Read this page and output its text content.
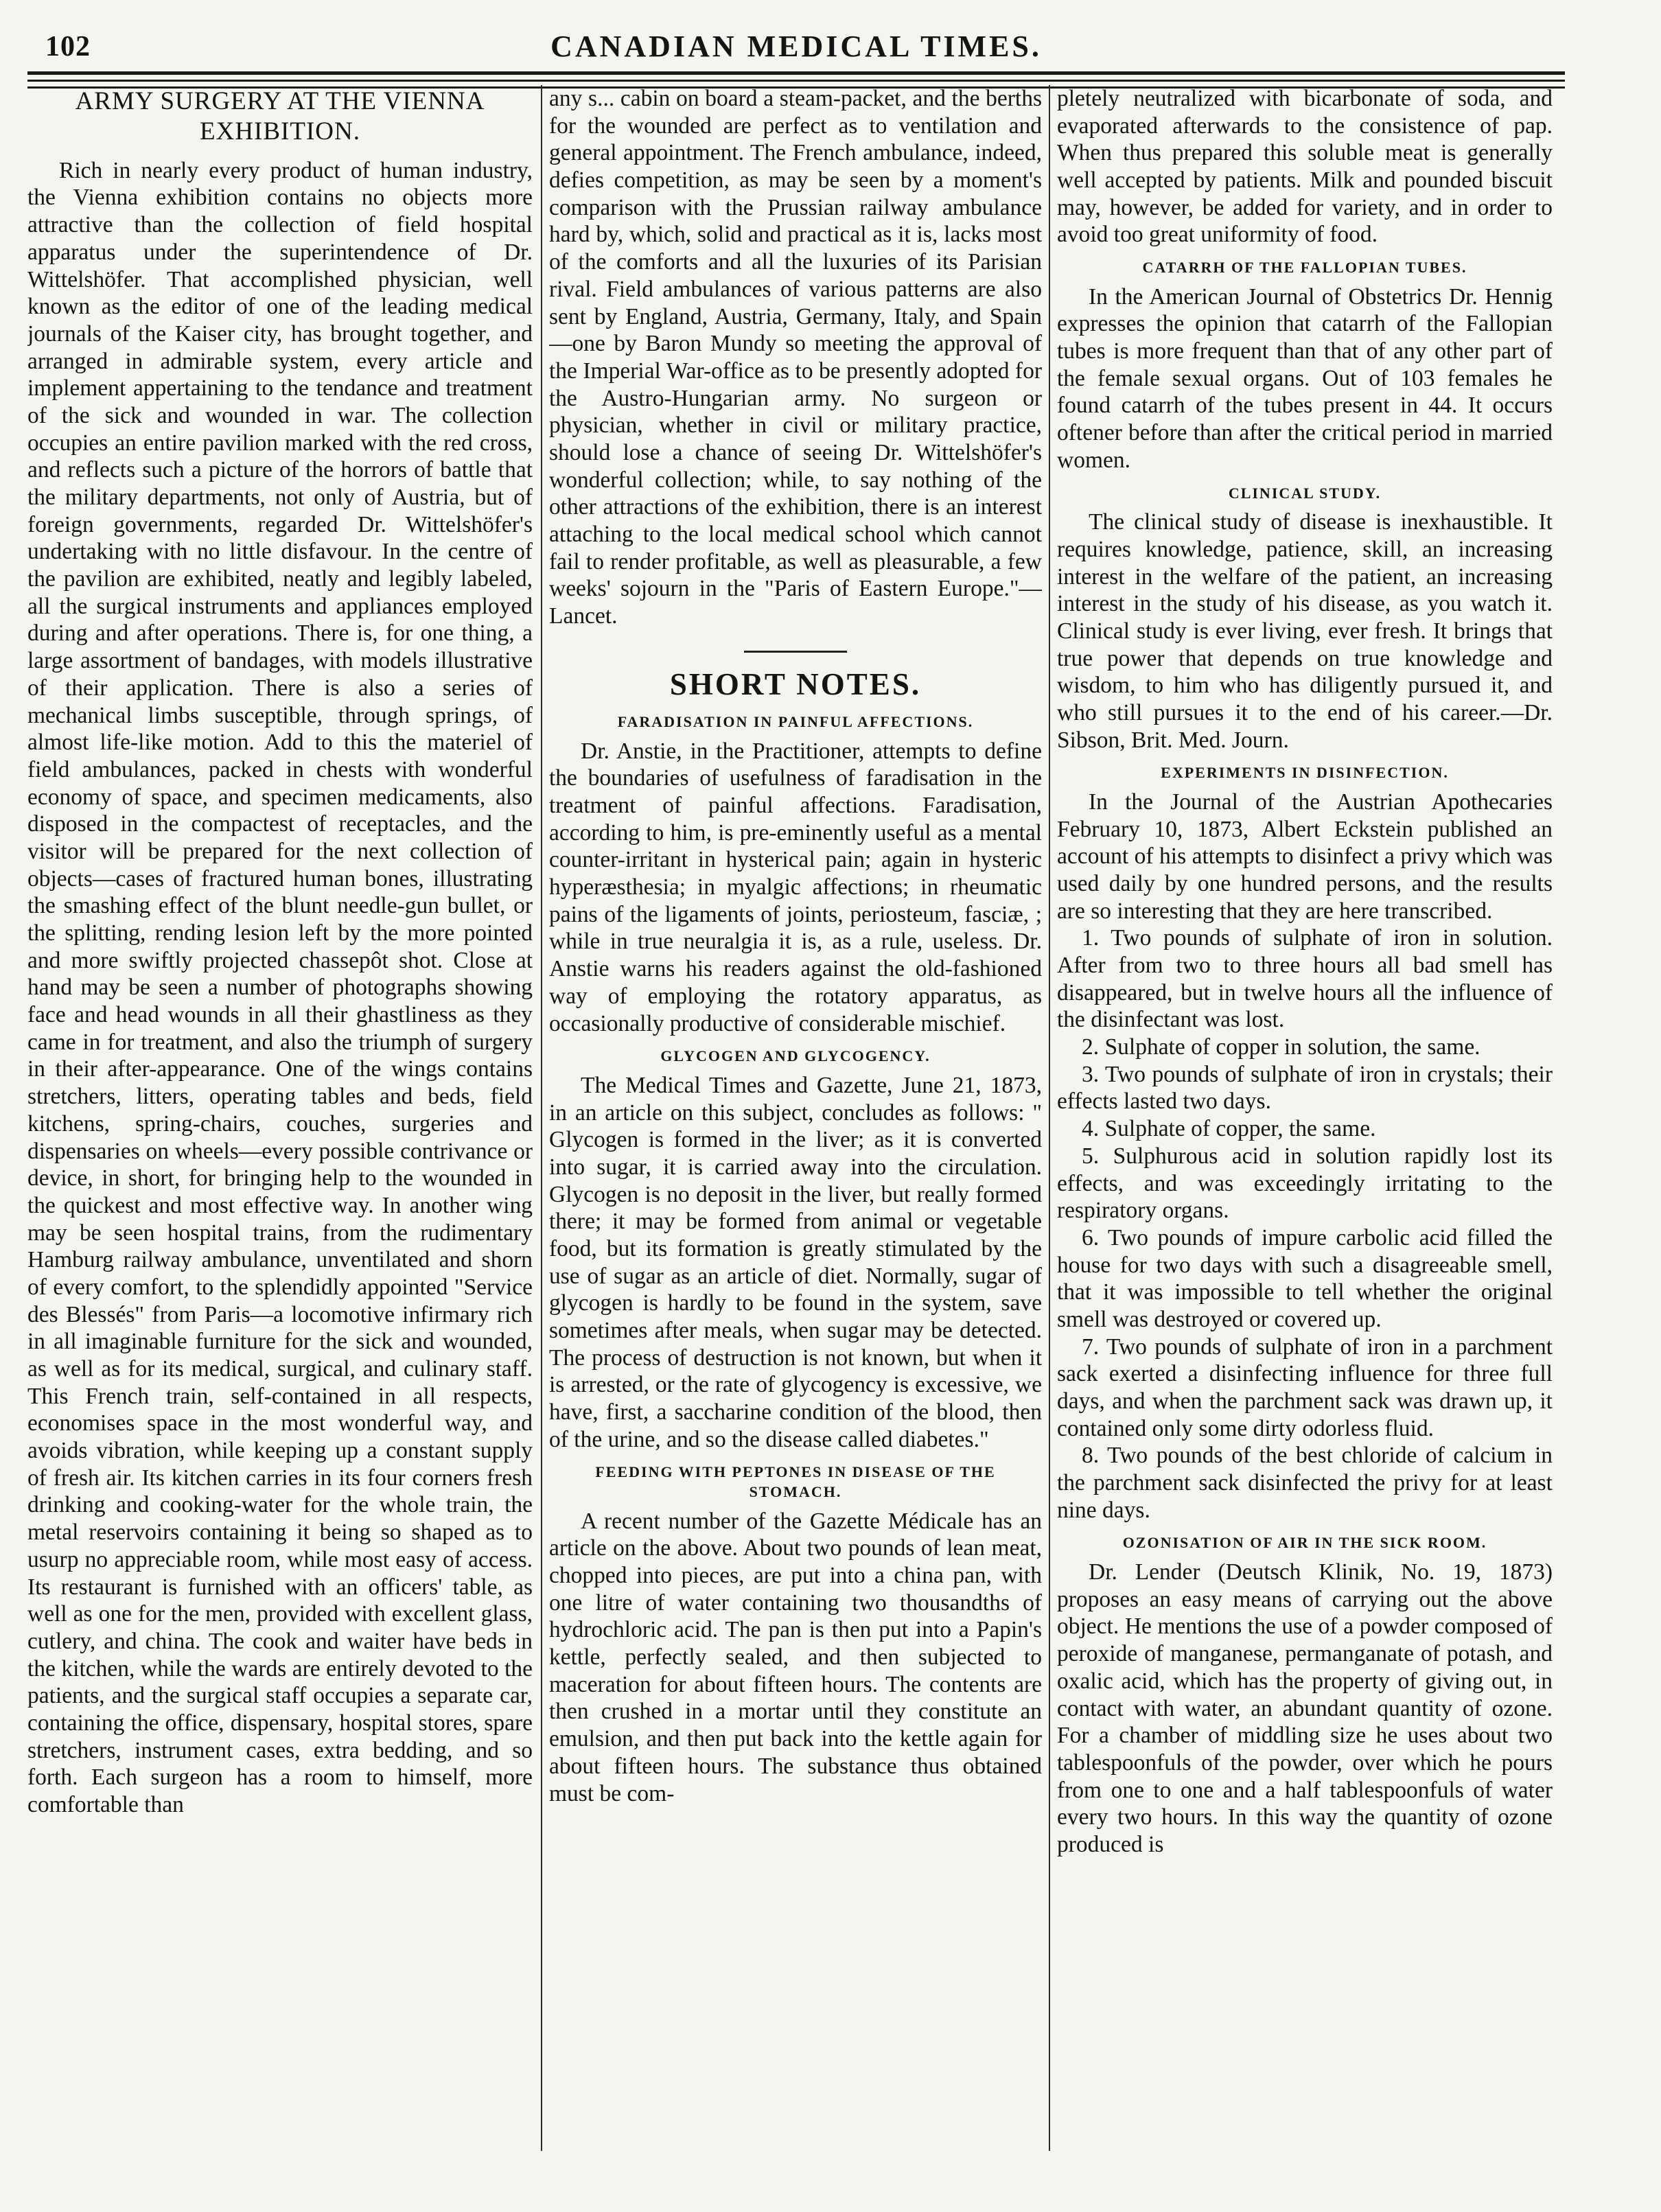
102	CANADIAN MEDICAL TIMES.
ARMY SURGERY AT THE VIENNA EXHIBITION.

Rich in nearly every product of human industry, the Vienna exhibition contains no objects more attractive than the collection of field hospital apparatus under the superintendence of Dr. Wittelshöfer. That accomplished physician, well known as the editor of one of the leading medical journals of the Kaiser city, has brought together, and arranged in admirable system, every article and implement appertaining to the tendance and treatment of the sick and wounded in war. The collection occupies an entire pavilion marked with the red cross, and reflects such a picture of the horrors of battle that the military departments, not only of Austria, but of foreign governments, regarded Dr. Wittelshöfer's undertaking with no little disfavour. In the centre of the pavilion are exhibited, neatly and legibly labeled, all the surgical instruments and appliances employed during and after operations. There is, for one thing, a large assortment of bandages, with models illustrative of their application. There is also a series of mechanical limbs susceptible, through springs, of almost life-like motion. Add to this the materiel of field ambulances, packed in chests with wonderful economy of space, and specimen medicaments, also disposed in the compactest of receptacles, and the visitor will be prepared for the next collection of objects—cases of fractured human bones, illustrating the smashing effect of the blunt needle-gun bullet, or the splitting, rending lesion left by the more pointed and more swiftly projected chassepôt shot. Close at hand may be seen a number of photographs showing face and head wounds in all their ghastliness as they came in for treatment, and also the triumph of surgery in their after-appearance. One of the wings contains stretchers, litters, operating tables and beds, field kitchens, spring-chairs, couches, surgeries and dispensaries on wheels—every possible contrivance or device, in short, for bringing help to the wounded in the quickest and most effective way. In another wing may be seen hospital trains, from the rudimentary Hamburg railway ambulance, unventilated and shorn of every comfort, to the splendidly appointed "Service des Blessés" from Paris—a locomotive infirmary rich in all imaginable furniture for the sick and wounded, as well as for its medical, surgical, and culinary staff. This French train, self-contained in all respects, economises space in the most wonderful way, and avoids vibration, while keeping up a constant supply of fresh air. Its kitchen carries in its four corners fresh drinking and cooking-water for the whole train, the metal reservoirs containing it being so shaped as to usurp no appreciable room, while most easy of access. Its restaurant is furnished with an officers' table, as well as one for the men, provided with excellent glass, cutlery, and china. The cook and waiter have beds in the kitchen, while the wards are entirely devoted to the patients, and the surgical staff occupies a separate car, containing the office, dispensary, hospital stores, spare stretchers, instrument cases, extra bedding, and so forth. Each surgeon has a room to himself, more comfortable than

any s... cabin on board a steam-packet, and the berths for the wounded are perfect as to ventilation and general appointment. The French ambulance, indeed, defies competition, as may be seen by a moment's comparison with the Prussian railway ambulance hard by, which, solid and practical as it is, lacks most of the comforts and all the luxuries of its Parisian rival. Field ambulances of various patterns are also sent by England, Austria, Germany, Italy, and Spain—one by Baron Mundy so meeting the approval of the Imperial War-office as to be presently adopted for the Austro-Hungarian army. No surgeon or physician, whether in civil or military practice, should lose a chance of seeing Dr. Wittelshöfer's wonderful collection; while, to say nothing of the other attractions of the exhibition, there is an interest attaching to the local medical school which cannot fail to render profitable, as well as pleasurable, a few weeks' sojourn in the "Paris of Eastern Europe."—Lancet.

SHORT NOTES.
FARADISATION IN PAINFUL AFFECTIONS.

Dr. Anstie, in the Practitioner, attempts to define the boundaries of usefulness of faradisation in the treatment of painful affections. Faradisation, according to him, is pre-eminently useful as a mental counter-irritant in hysterical pain; again in hysteric hyperæsthesia; in myalgic affections; in rheumatic pains of the ligaments of joints, periosteum, fasciæ, ; while in true neuralgia it is, as a rule, useless. Dr. Anstie warns his readers against the old-fashioned way of employing the rotatory apparatus, as occasionally productive of considerable mischief.

GLYCOGEN AND GLYCOGENCY.

The Medical Times and Gazette, June 21, 1873, in an article on this subject, concludes as follows: " Glycogen is formed in the liver; as it is converted into sugar, it is carried away into the circulation. Glycogen is no deposit in the liver, but really formed there; it may be formed from animal or vegetable food, but its formation is greatly stimulated by the use of sugar as an article of diet. Normally, sugar of glycogen is hardly to be found in the system, save sometimes after meals, when sugar may be detected. The process of destruction is not known, but when it is arrested, or the rate of glycogency is excessive, we have, first, a saccharine condition of the blood, then of the urine, and so the disease called diabetes."

FEEDING WITH PEPTONES IN DISEASE OF THE STOMACH.

A recent number of the Gazette Médicale has an article on the above. About two pounds of lean meat, chopped into pieces, are put into a china pan, with one litre of water containing two thousandths of hydrochloric acid. The pan is then put into a Papin's kettle, perfectly sealed, and then subjected to maceration for about fifteen hours. The contents are then crushed in a mortar until they constitute an emulsion, and then put back into the kettle again for about fifteen hours. The substance thus obtained must be com-

pletely neutralized with bicarbonate of soda, and evaporated afterwards to the consistence of pap. When thus prepared this soluble meat is generally well accepted by patients. Milk and pounded biscuit may, however, be added for variety, and in order to avoid too great uniformity of food.

CATARRH OF THE FALLOPIAN TUBES.

In the American Journal of Obstetrics Dr. Hennig expresses the opinion that catarrh of the Fallopian tubes is more frequent than that of any other part of the female sexual organs. Out of 103 females he found catarrh of the tubes present in 44. It occurs oftener before than after the critical period in married women.

CLINICAL STUDY.

The clinical study of disease is inexhaustible. It requires knowledge, patience, skill, an increasing interest in the welfare of the patient, an increasing interest in the study of his disease, as you watch it. Clinical study is ever living, ever fresh. It brings that true power that depends on true knowledge and wisdom, to him who has diligently pursued it, and who still pursues it to the end of his career.—Dr. Sibson, Brit. Med. Journ.

EXPERIMENTS IN DISINFECTION.

In the Journal of the Austrian Apothecaries February 10, 1873, Albert Eckstein published an account of his attempts to disinfect a privy which was used daily by one hundred persons, and the results are so interesting that they are here transcribed.

1. Two pounds of sulphate of iron in solution. After from two to three hours all bad smell has disappeared, but in twelve hours all the influence of the disinfectant was lost.

2. Sulphate of copper in solution, the same.

3. Two pounds of sulphate of iron in crystals; their effects lasted two days.

4. Sulphate of copper, the same.

5. Sulphurous acid in solution rapidly lost its effects, and was exceedingly irritating to the respiratory organs.

6. Two pounds of impure carbolic acid filled the house for two days with such a disagreeable smell, that it was impossible to tell whether the original smell was destroyed or covered up.

7. Two pounds of sulphate of iron in a parchment sack exerted a disinfecting influence for three full days, and when the parchment sack was drawn up, it contained only some dirty odorless fluid.

8. Two pounds of the best chloride of calcium in the parchment sack disinfected the privy for at least nine days.

OZONISATION OF AIR IN THE SICK ROOM.

Dr. Lender (Deutsch Klinik, No. 19, 1873) proposes an easy means of carrying out the above object. He mentions the use of a powder composed of peroxide of manganese, permanganate of potash, and oxalic acid, which has the property of giving out, in contact with water, an abundant quantity of ozone. For a chamber of middling size he uses about two tablespoonfuls of the powder, over which he pours from one to one and a half tablespoonfuls of water every two hours. In this way the quantity of ozone produced is
